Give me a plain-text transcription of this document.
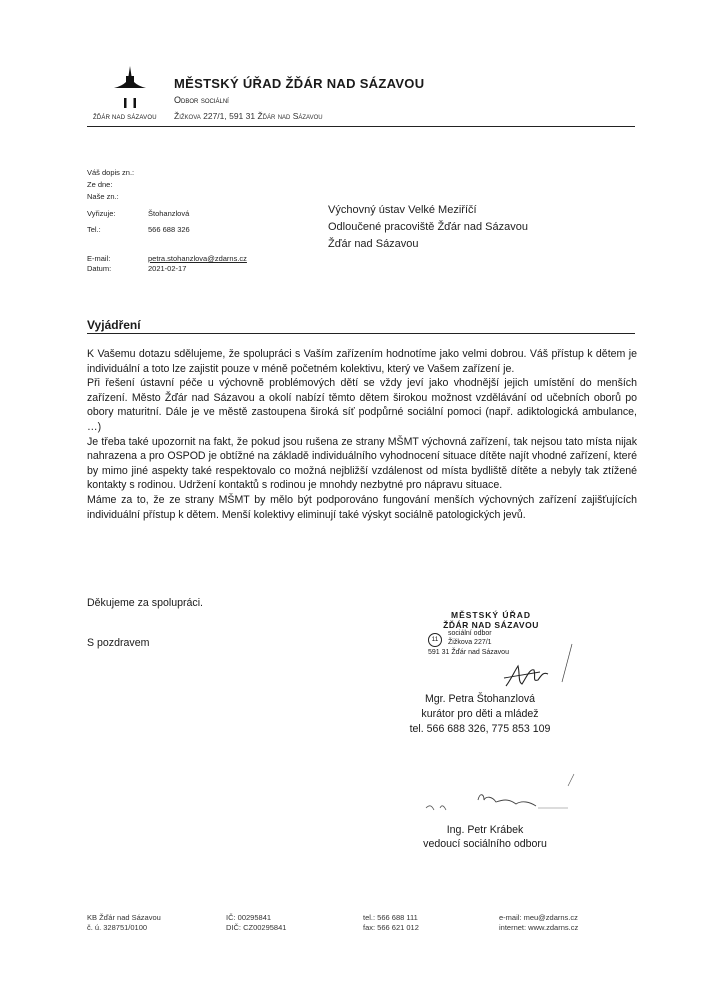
ŽĎÁR NAD SÁZAVOU
MĚSTSKÝ ÚŘAD ŽĎÁR NAD SÁZAVOU
Odbor sociální
Žižkova 227/1, 591 31 Žďár nad Sázavou
Váš dopis zn.:
Ze dne:
Naše zn.:
Vyřizuje:	Štohanzlová
Tel.:	566 688 326
E-mail:	petra.stohanzlova@zdarns.cz
Datum:	2021-02-17
Výchovný ústav Velké Meziříčí
Odloučené pracoviště Žďár nad Sázavou
Žďár nad Sázavou
Vyjádření

K Vašemu dotazu sdělujeme, že spolupráci s Vaším zařízením hodnotíme jako velmi dobrou. Váš přístup k dětem je individuální a toto lze zajistit pouze v méně početném kolektivu, který ve Vašem zařízení je.

Při řešení ústavní péče u výchovně problémových dětí se vždy jeví jako vhodnější jejich umístění do menších zařízení. Město Žďár nad Sázavou a okolí nabízí těmto dětem širokou možnost vzdělávání od učebních oborů po obory maturitní. Dále je ve městě zastoupena široká síť podpůrné sociální pomoci (např. adiktologická ambulance, …)

Je třeba také upozornit na fakt, že pokud jsou rušena ze strany MŠMT výchovná zařízení, tak nejsou tato místa nijak nahrazena a pro OSPOD je obtížné na základě individuálního vyhodnocení situace dítěte najít vhodné zařízení, které by mimo jiné aspekty také respektovalo co možná nejbližší vzdálenost od místa bydliště dítěte a nebyly tak ztížené kontakty s rodinou. Udržení kontaktů s rodinou je mnohdy nezbytné pro nápravu situace.

Máme za to, že ze strany MŠMT by mělo být podporováno fungování menších výchovných zařízení zajišťujících individuální přístup k dětem. Menší kolektivy eliminují také výskyt sociálně patologických jevů.

Děkujeme za spolupráci.
S pozdravem
MĚSTSKÝ ÚŘAD
ŽĎÁR NAD SÁZAVOU
11
sociální odbor
Žižkova 227/1
591 31 Žďár nad Sázavou
Mgr. Petra Štohanzlová
kurátor pro děti a mládež
tel. 566 688 326, 775 853 109
Ing. Petr Krábek
vedoucí sociálního odboru
KB Žďár nad Sázavou
č. ú. 328751/0100
IČ: 00295841
DIČ: CZ00295841
tel.: 566 688 111
fax: 566 621 012
e-mail: meu@zdarns.cz
internet: www.zdarns.cz
